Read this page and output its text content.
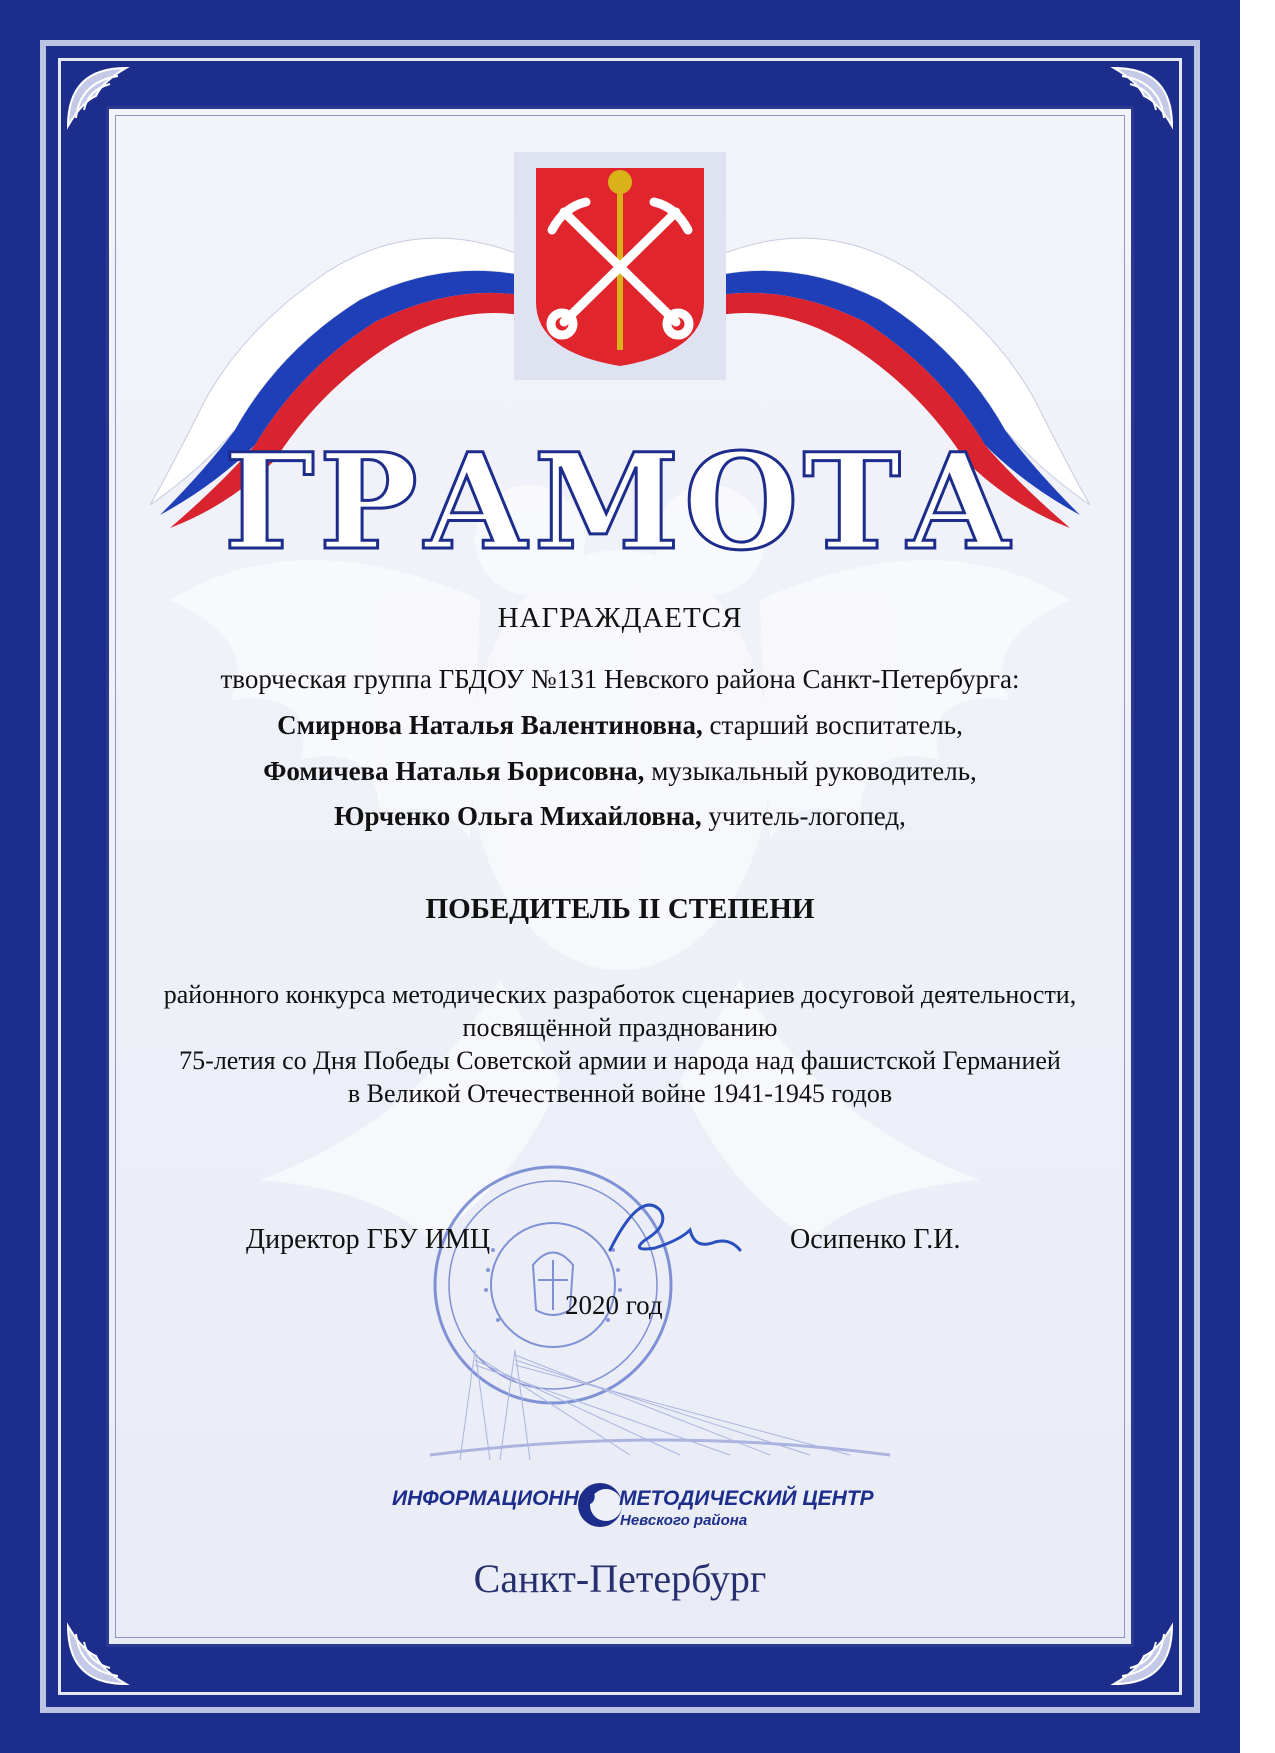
ГРАМОТА
НАГРАЖДАЕТСЯ
творческая группа ГБДОУ №131 Невского района Санкт-Петербурга:
Смирнова Наталья Валентиновна, старший воспитатель,
Фомичева Наталья Борисовна, музыкальный руководитель,
Юрченко Ольга Михайловна, учитель-логопед,
ПОБЕДИТЕЛЬ II СТЕПЕНИ
районного конкурса методических разработок сценариев досуговой деятельности,
посвящённой празднованию
75-летия со Дня Победы Советской армии и народа над фашистской Германией
в Великой Отечественной войне 1941-1945 годов
Директор ГБУ ИМЦ	Осипенко Г.И.
2020 год
ИНФОРМАЦИОННО МЕТОДИЧЕСКИЙ ЦЕНТР
Невского района
Санкт-Петербург
